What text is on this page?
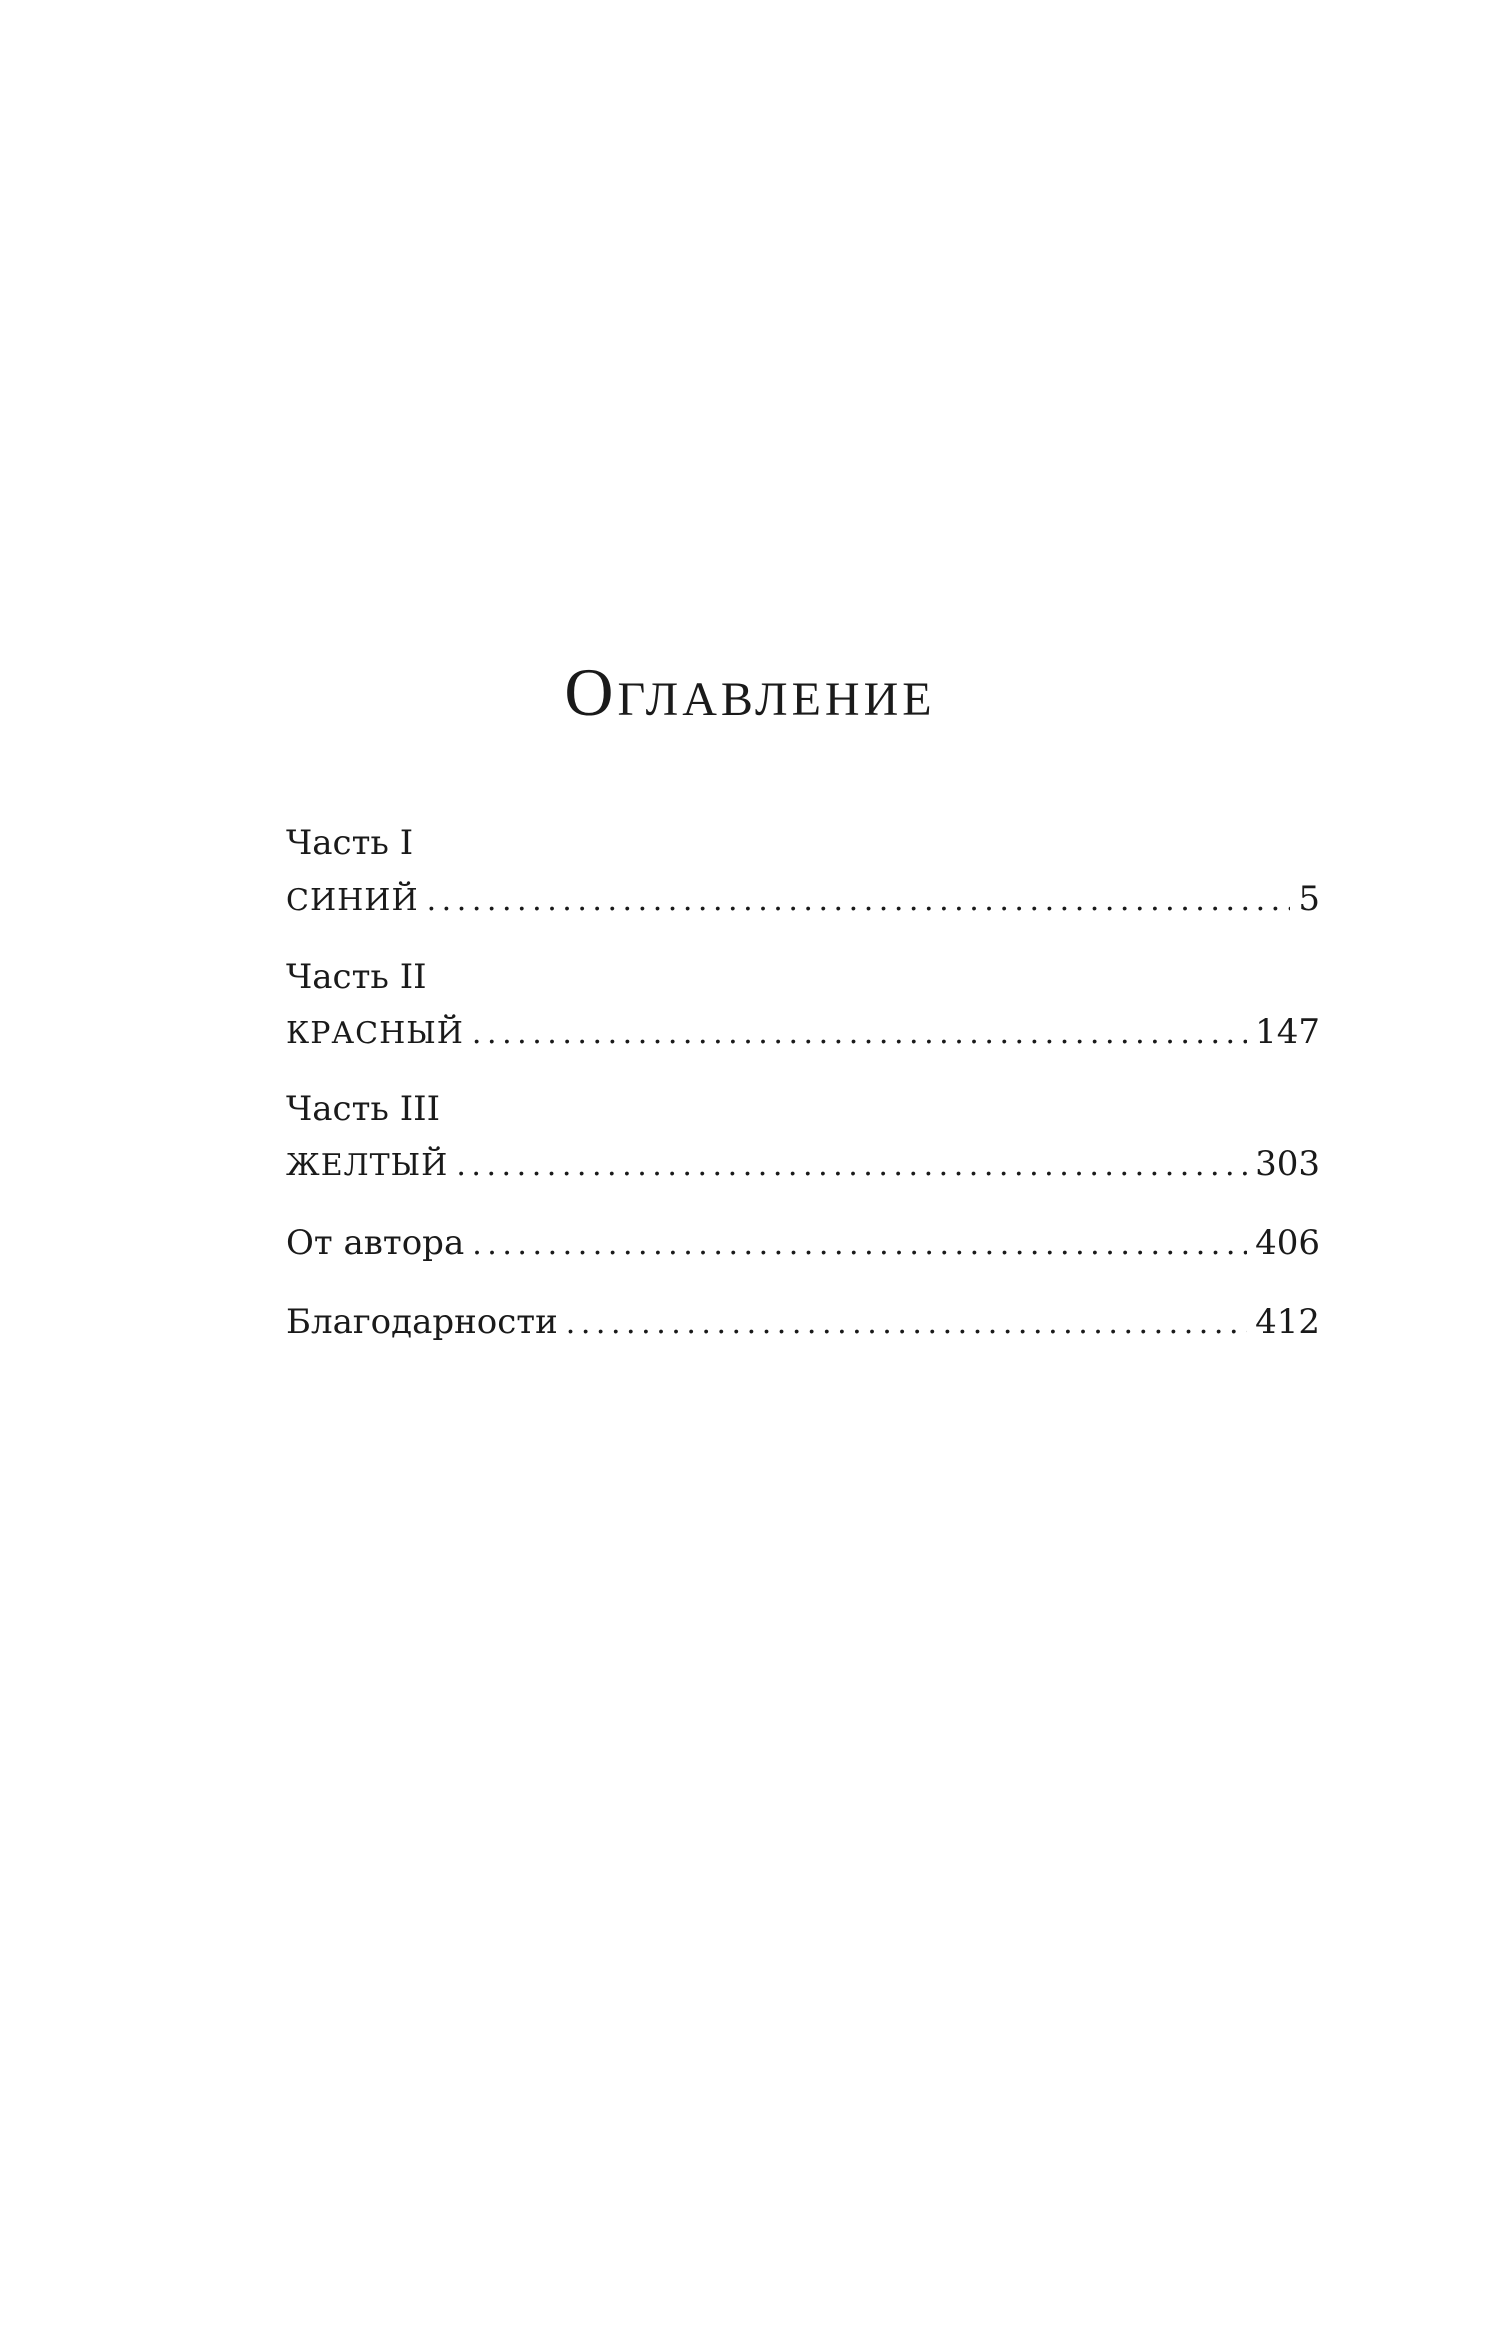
Оглавление
Часть I
СИНИЙ . . .	5
Часть II
КРАСНЫЙ . . .	147
Часть III
ЖЕЛТЫЙ . . .	303
От автора . . .	406
Благодарности . . .	412
